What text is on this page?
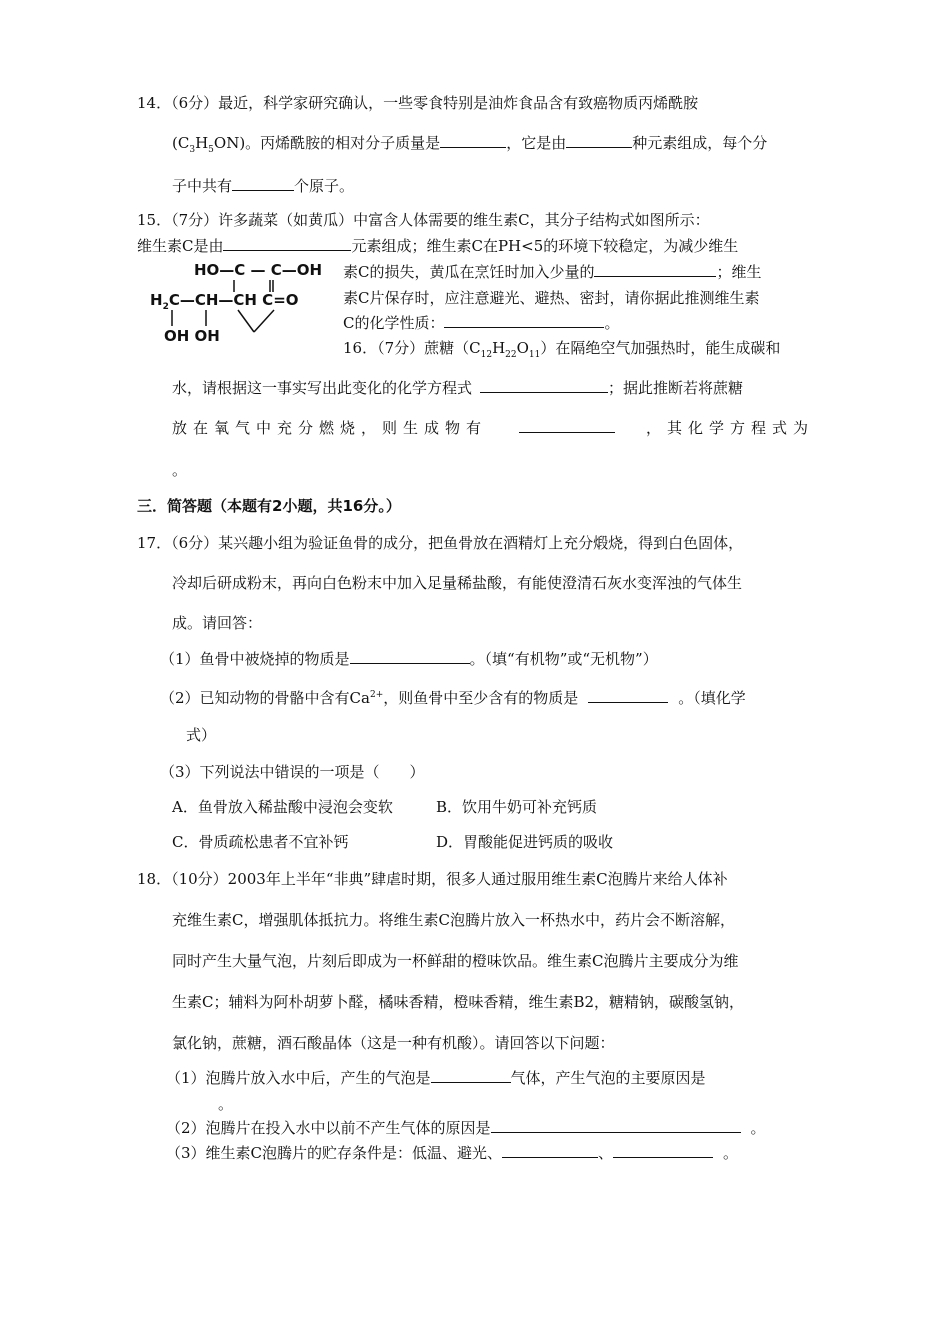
14．（6分）最近，科学家研究确认，一些零食特别是油炸食品含有致癌物质丙烯酰胺
$(C_3H_5ON)$。丙烯酰胺的相对分子质量是	，它是由	种元素组成，每个分
子中共有	个原子。
15．（7分）许多蔬菜（如黄瓜）中富含人体需要的维生素C，其分子结构式如图所示：
维生素C是由	元素组成；维生素C在PH<5的环境下较稳定，为减少维生
素C的损失，黄瓜在烹饪时加入少量的	；维生
素C片保存时，应注意避光、避热、密封，请你据此推测维生素
C的化学性质：	。
HO—C — C—OH
$H_2C—CH—CH$ C=O
OH OH
16．（7分）蔗糖$(C_{12}H_{22}O_{11})$在隔绝空气加强热时，能生成碳和
水，请根据这一事实写出此变化的化学方程式	；据此推断若将蔗糖
放在氧气中充分燃烧，则生成物有	，其化学方程式为
。
三．简答题（本题有2小题，共16分。）
17．（6分）某兴趣小组为验证鱼骨的成分，把鱼骨放在酒精灯上充分煅烧，得到白色固体，
冷却后研成粉末，再向白色粉末中加入足量稀盐酸，有能使澄清石灰水变浑浊的气体生
成。请回答：
（1）鱼骨中被烧掉的物质是	。（填“有机物”或“无机物”）
（2）已知动物的骨骼中含有$Ca^{2+}$，则鱼骨中至少含有的物质是	。（填化学
式）
（3）下列说法中错误的一项是（　　）
A．鱼骨放入稀盐酸中浸泡会变软	B．饮用牛奶可补充钙质
C．骨质疏松患者不宜补钙	D．胃酸能促进钙质的吸收
18．（10分）2003年上半年“非典”肆虐时期，很多人通过服用维生素C泡腾片来给人体补
充维生素C，增强肌体抵抗力。将维生素C泡腾片放入一杯热水中，药片会不断溶解，
同时产生大量气泡，片刻后即成为一杯鲜甜的橙味饮品。维生素C泡腾片主要成分为维
生素C；辅料为阿朴胡萝卜醛，橘味香精，橙味香精，维生素B2，糖精钠，碳酸氢钠，
氯化钠，蔗糖，酒石酸晶体（这是一种有机酸）。请回答以下问题：
（1）泡腾片放入水中后，产生的气泡是	气体，产生气泡的主要原因是
。
（2）泡腾片在投入水中以前不产生气体的原因是	。
（3）维生素C泡腾片的贮存条件是：低温、避光、	、	。
